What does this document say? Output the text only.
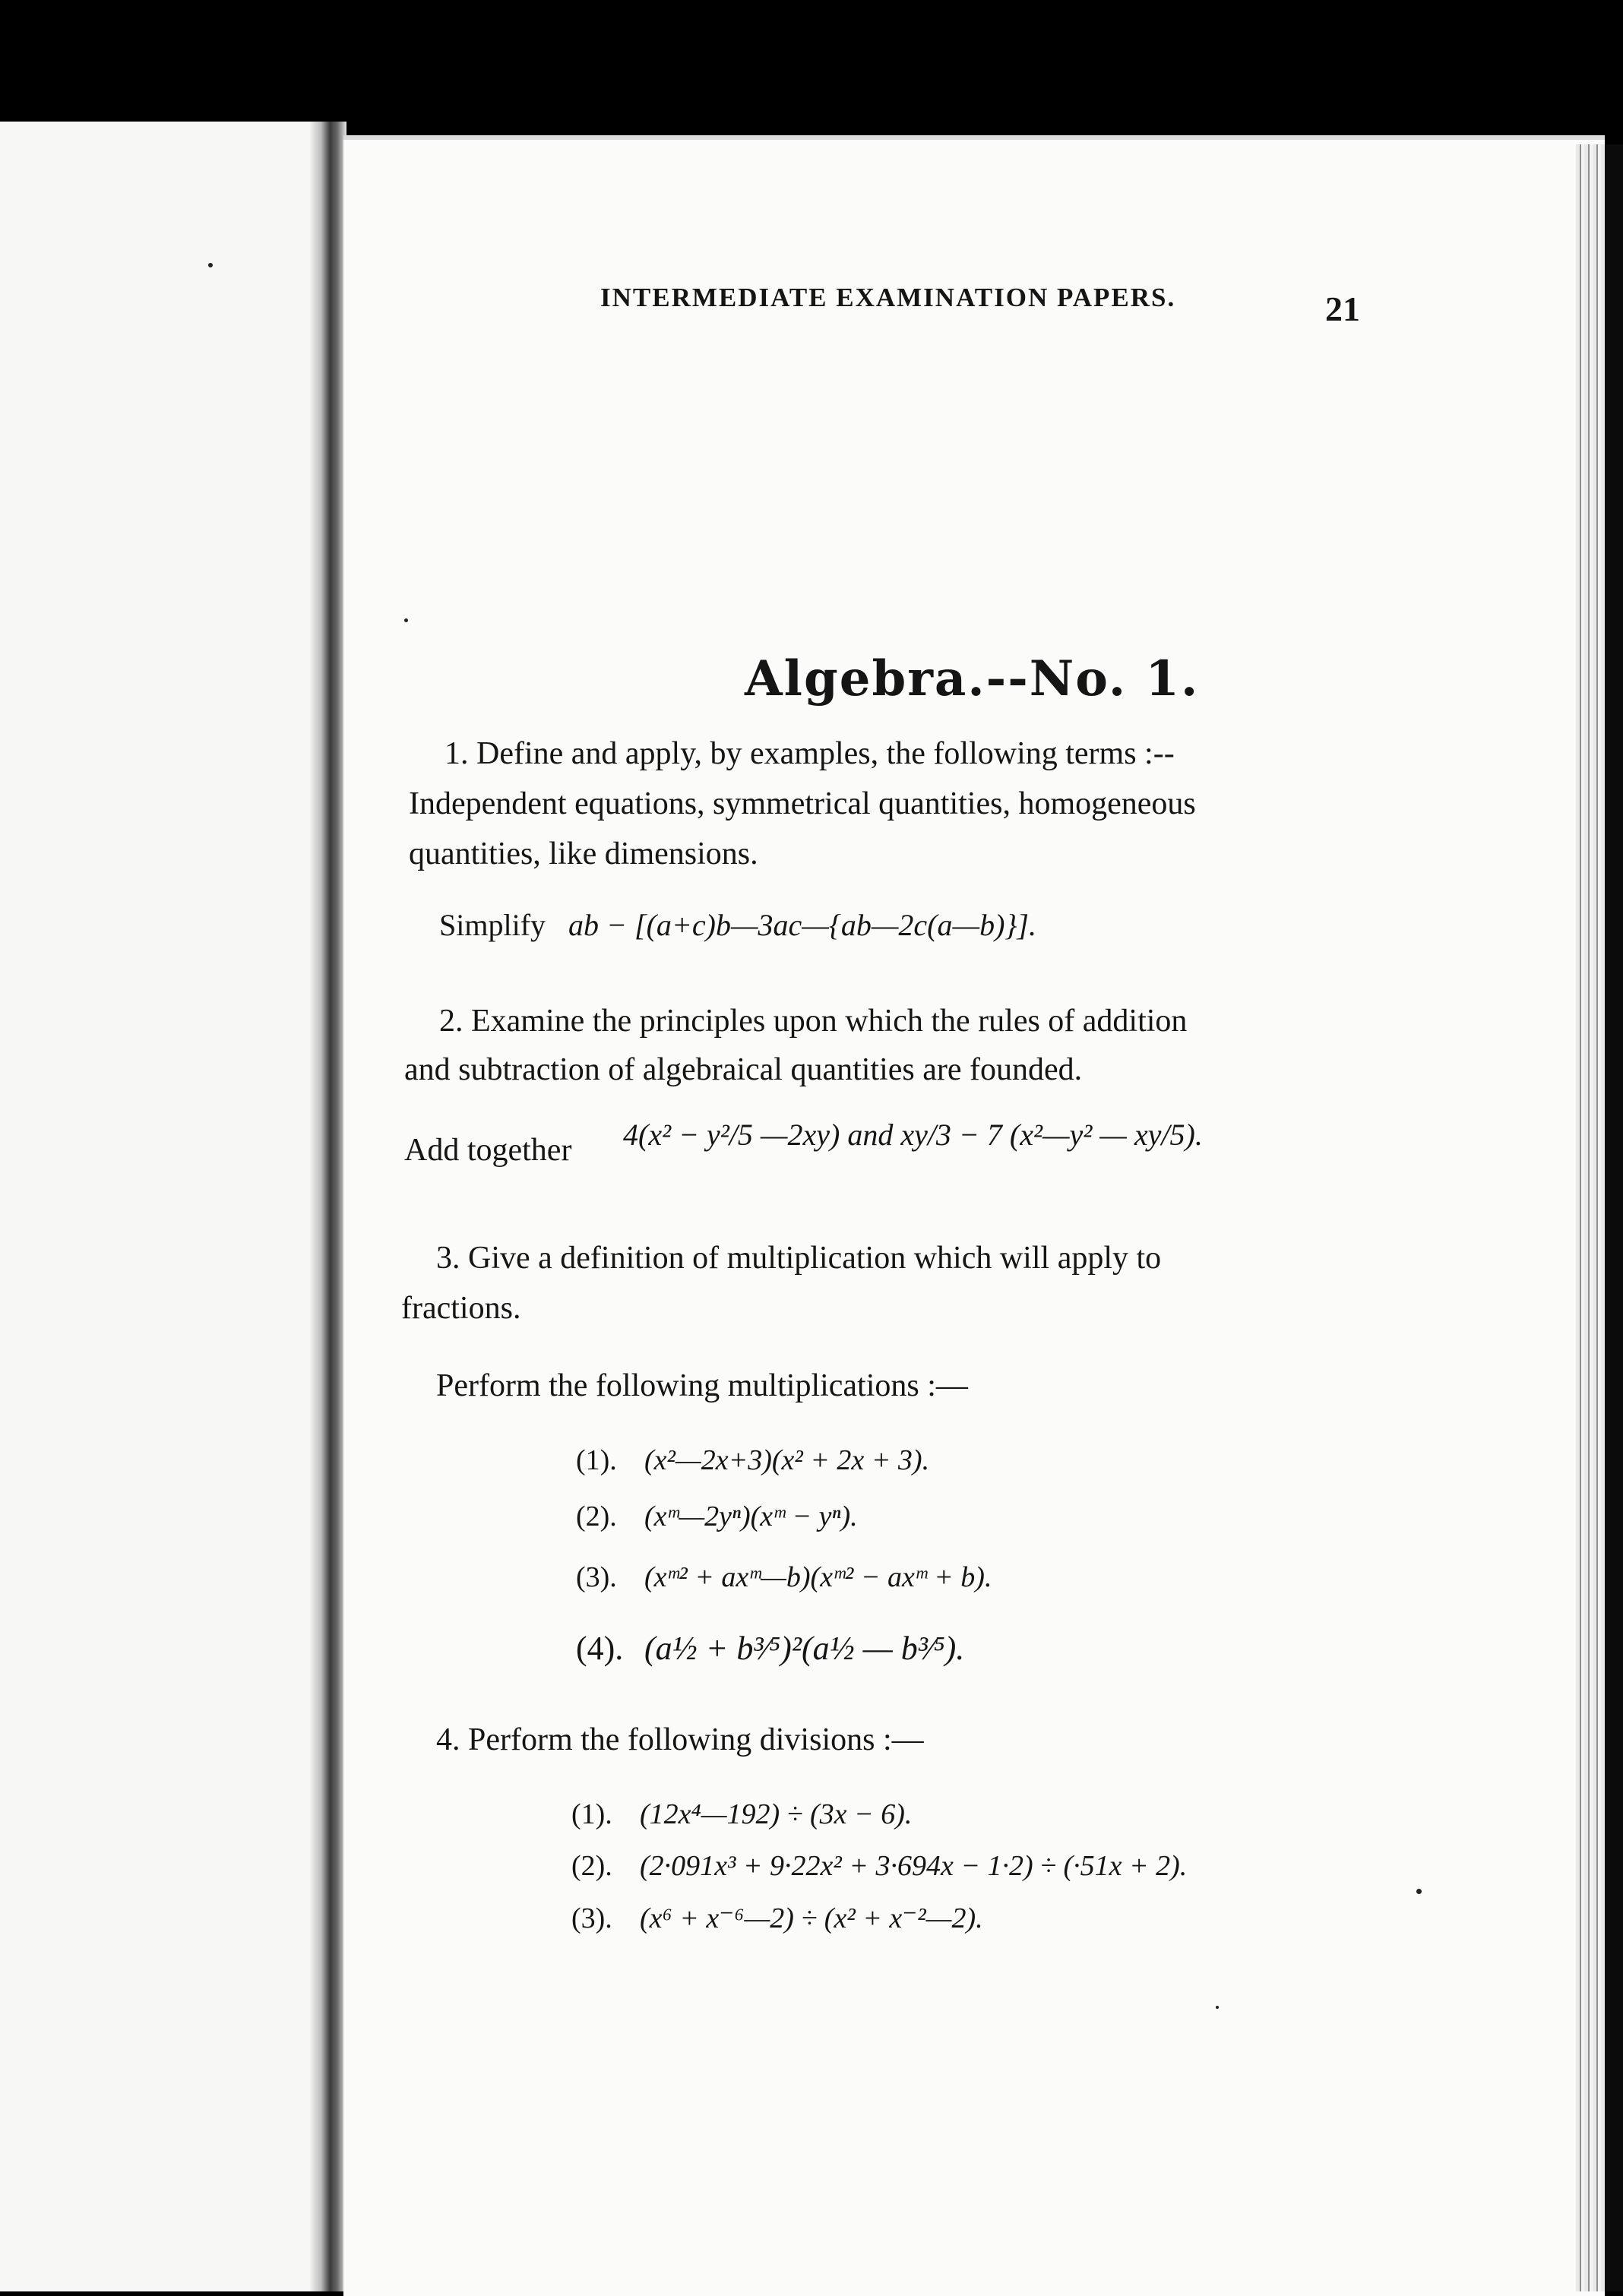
INTERMEDIATE EXAMINATION PAPERS.	21
Algebra.--No. 1.
1. Define and apply, by examples, the following terms :--
Independent equations, symmetrical quantities, homogeneous
quantities, like dimensions.
Simplify ab − [(a+c)b—3ac—{ab—2c(a—b)}].
2. Examine the principles upon which the rules of addition
and subtraction of algebraical quantities are founded.
Add together 4(x² − y²/5 —2xy) and xy/3 − 7 (x²—y² — xy/5).
3. Give a definition of multiplication which will apply to
fractions.
Perform the following multiplications :—
(1). (x²—2x+3)(x² + 2x + 3).
(2). (xᵐ—2yⁿ)(xᵐ − yⁿ).
(3). (xᵐ² + axᵐ—b)(xᵐ² − axᵐ + b).
(4). (a½ + b³⁄⁵)²(a½ — b³⁄⁵).
4. Perform the following divisions :—
(1). (12x⁴—192) ÷ (3x − 6).
(2). (2·091x³ + 9·22x² + 3·694x − 1·2) ÷ (·51x + 2).
(3). (x⁶ + x⁻⁶—2) ÷ (x² + x⁻²—2).
